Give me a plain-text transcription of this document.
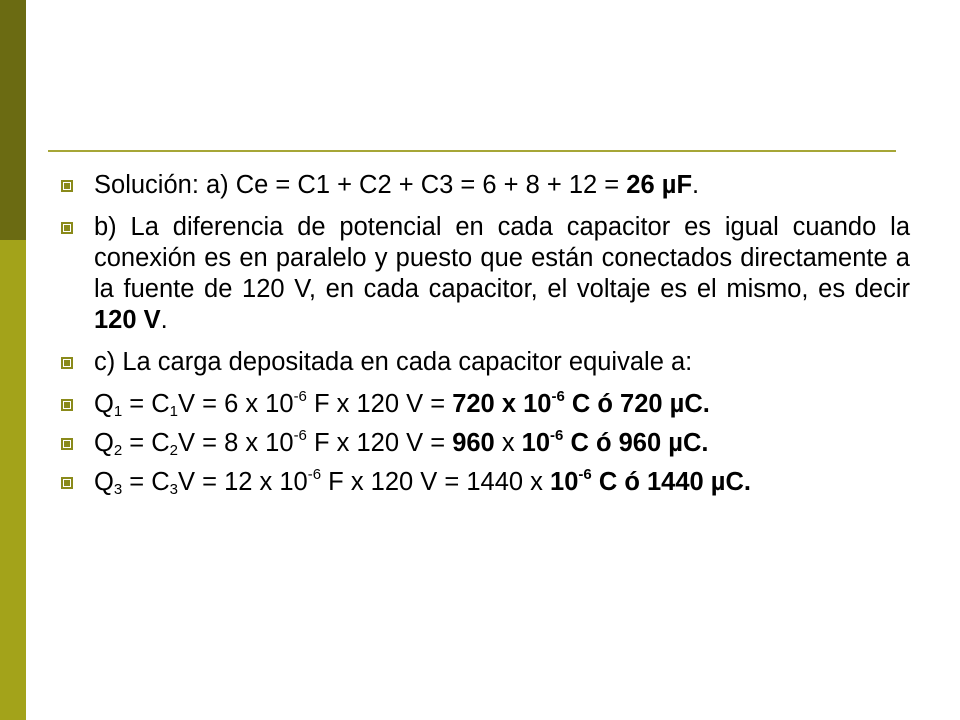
Solución: a) Ce = C1 + C2 + C3 = 6 + 8 + 12 = 26 µF.
b) La diferencia de potencial en cada capacitor es igual cuando la conexión es en paralelo y puesto que están conectados directamente a la fuente de 120 V, en cada capacitor, el voltaje es el mismo, es decir 120 V.
c) La carga depositada en cada capacitor equivale a:
$Q_1 = C_1V = 6$ x $10^{-6}$ F x 120 V = 720 x $10^{-6}$ C ó 720 µC.
$Q_2 = C_2V = 8$ x $10^{-6}$ F x 120 V = 960 x $10^{-6}$ C ó 960 µC.
$Q_3 = C_3V = 12$ x $10^{-6}$ F x 120 V = 1440 x $10^{-6}$ C ó 1440 µC.
